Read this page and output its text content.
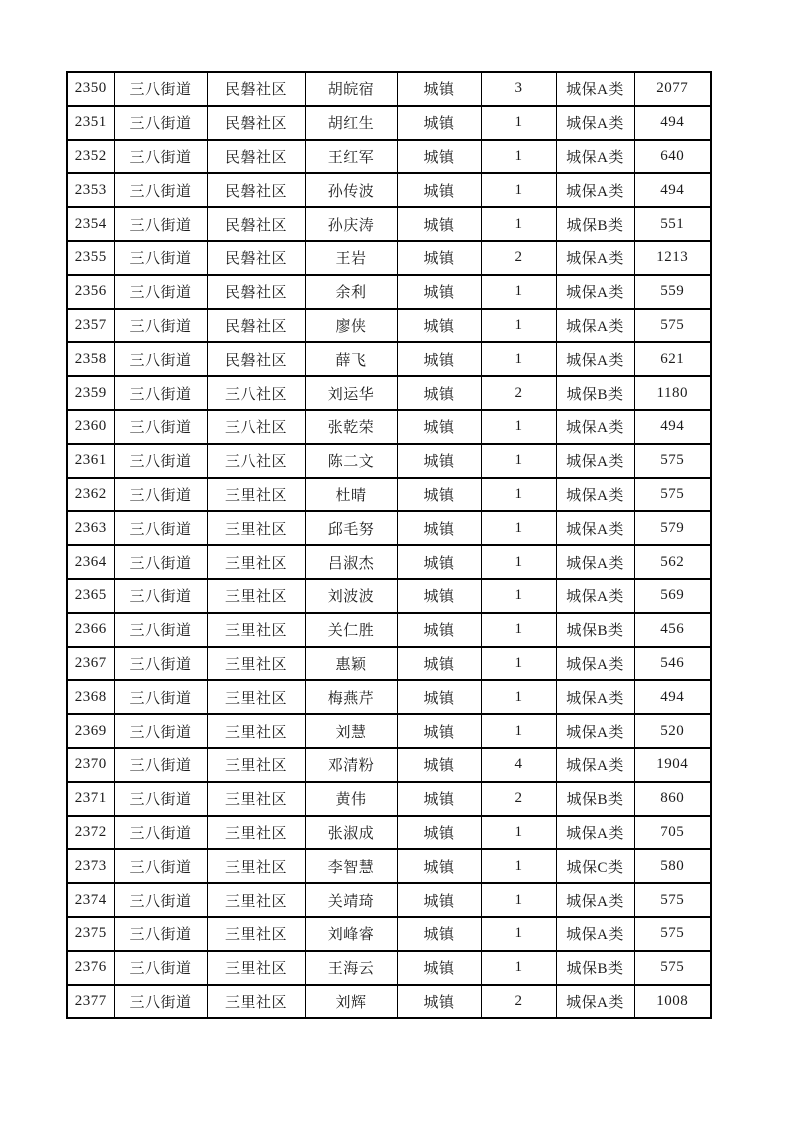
2350	三八街道	民磐社区	胡皖宿	城镇	3	城保A类	2077
2351	三八街道	民磐社区	胡红生	城镇	1	城保A类	494
2352	三八街道	民磐社区	王红军	城镇	1	城保A类	640
2353	三八街道	民磐社区	孙传波	城镇	1	城保A类	494
2354	三八街道	民磐社区	孙庆涛	城镇	1	城保B类	551
2355	三八街道	民磐社区	王岩	城镇	2	城保A类	1213
2356	三八街道	民磐社区	余利	城镇	1	城保A类	559
2357	三八街道	民磐社区	廖侠	城镇	1	城保A类	575
2358	三八街道	民磐社区	薛飞	城镇	1	城保A类	621
2359	三八街道	三八社区	刘运华	城镇	2	城保B类	1180
2360	三八街道	三八社区	张乾荣	城镇	1	城保A类	494
2361	三八街道	三八社区	陈二文	城镇	1	城保A类	575
2362	三八街道	三里社区	杜晴	城镇	1	城保A类	575
2363	三八街道	三里社区	邱毛努	城镇	1	城保A类	579
2364	三八街道	三里社区	吕淑杰	城镇	1	城保A类	562
2365	三八街道	三里社区	刘波波	城镇	1	城保A类	569
2366	三八街道	三里社区	关仁胜	城镇	1	城保B类	456
2367	三八街道	三里社区	惠颖	城镇	1	城保A类	546
2368	三八街道	三里社区	梅燕芹	城镇	1	城保A类	494
2369	三八街道	三里社区	刘慧	城镇	1	城保A类	520
2370	三八街道	三里社区	邓清粉	城镇	4	城保A类	1904
2371	三八街道	三里社区	黄伟	城镇	2	城保B类	860
2372	三八街道	三里社区	张淑成	城镇	1	城保A类	705
2373	三八街道	三里社区	李智慧	城镇	1	城保C类	580
2374	三八街道	三里社区	关靖琦	城镇	1	城保A类	575
2375	三八街道	三里社区	刘峰睿	城镇	1	城保A类	575
2376	三八街道	三里社区	王海云	城镇	1	城保B类	575
2377	三八街道	三里社区	刘辉	城镇	2	城保A类	1008
